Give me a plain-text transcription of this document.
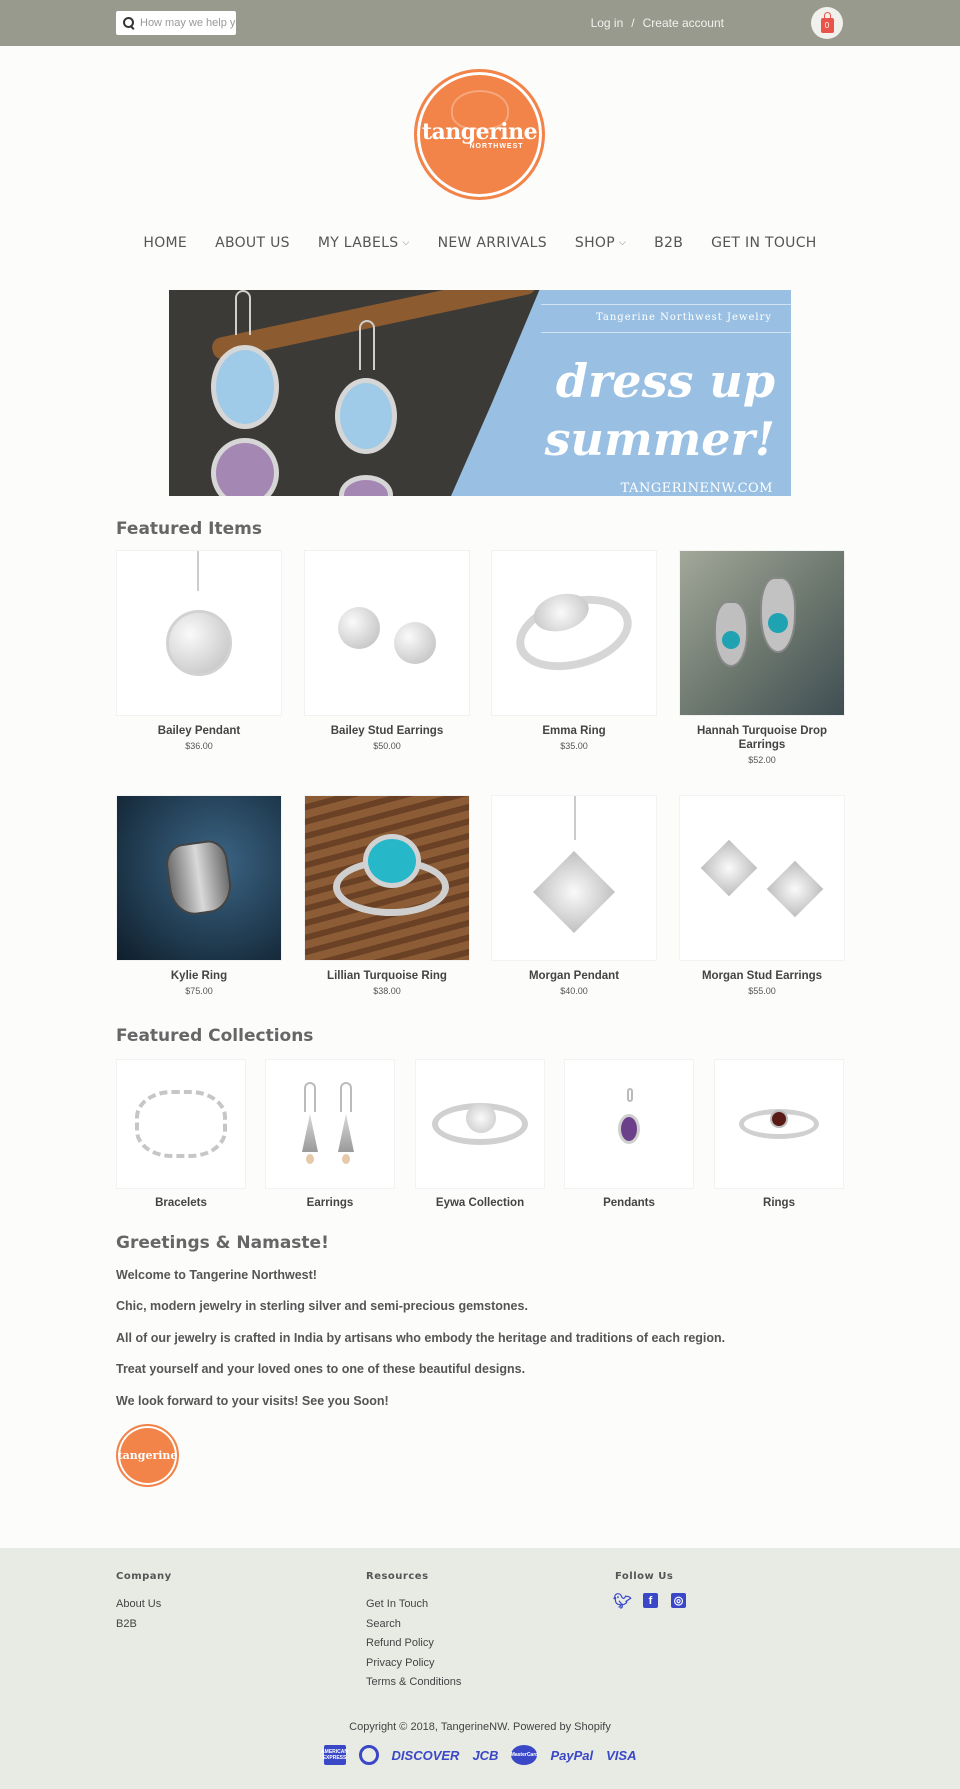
How may we help you?
Log in / Create account	0
tangerine
NORTHWEST
HOME ABOUT US MY LABELS ⌵ NEW ARRIVALS SHOP ⌵ B2B GET IN TOUCH
Tangerine Northwest Jewelry
dress up
summer!
TANGERINENW.COM
Featured Items
Bailey Pendant
$36.00
Bailey Stud Earrings
$50.00
Emma Ring
$35.00
Hannah Turquoise Drop Earrings
$52.00
Kylie Ring
$75.00
Lillian Turquoise Ring
$38.00
Morgan Pendant
$40.00
Morgan Stud Earrings
$55.00
Featured Collections
Bracelets	Earrings	Eywa Collection	Pendants	Rings
Greetings & Namaste!
Welcome to Tangerine Northwest!
Chic, modern jewelry in sterling silver and semi-precious gemstones.
All of our jewelry is crafted in India by artisans who embody the heritage and traditions of each region.
Treat yourself and your loved ones to one of these beautiful designs.
We look forward to your visits! See you Soon!
tangerine
Company
About Us
B2B
Resources
Get In Touch
Search
Refund Policy
Privacy Policy
Terms & Conditions
Follow Us
🐦︎	f	◎
Copyright © 2018, TangerineNW. Powered by Shopify
AMERICAN EXPRESS	DISCOVER JCB MasterCard PayPal VISA
